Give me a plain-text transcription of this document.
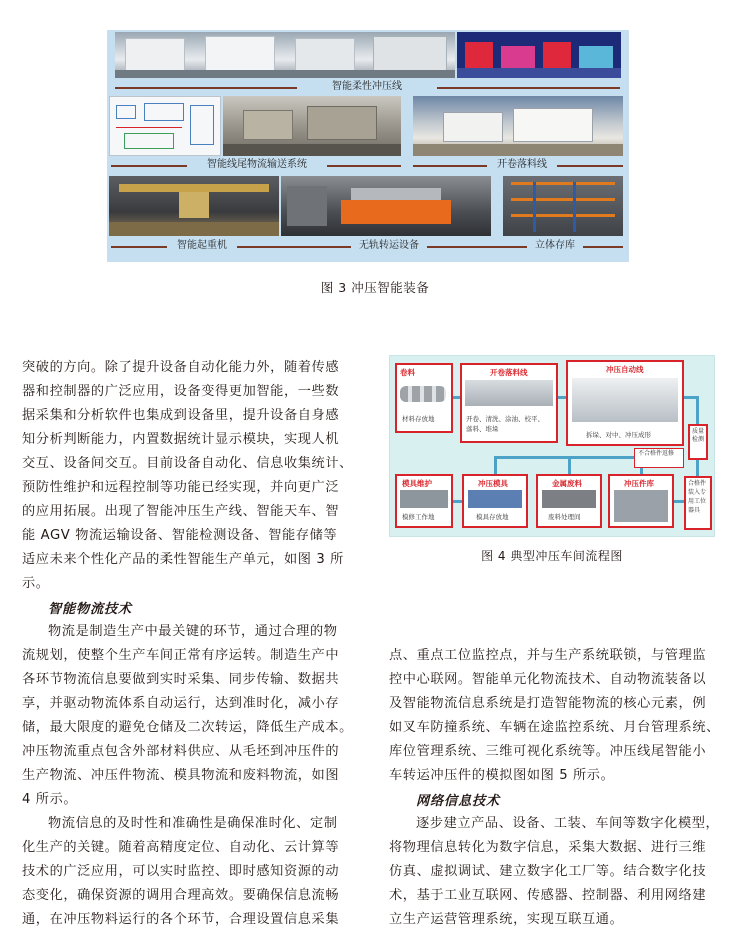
智能柔性冲压线
智能线尾物流输送系统	开卷落料线
智能起重机	无轨转运设备	立体存库
图 3 冲压智能装备
卷料
材料存放地
开卷落料线
开卷、清洗、涂油、校平、
落料、堆垛
冲压自动线
拆垛、对中、冲压成形	质量检测
不合格件返修
合格件装入专用工位器具
模具维护
模修工作地
冲压模具
模具存放地
金属废料
废料处理间
冲压件库
图 4 典型冲压车间流程图
突破的方向。除了提升设备自动化能力外，随着传感
器和控制器的广泛应用，设备变得更加智能，一些数
据采集和分析软件也集成到设备里，提升设备自身感
知分析判断能力，内置数据统计显示模块，实现人机
交互、设备间交互。目前设备自动化、信息收集统计、
预防性维护和远程控制等功能已经实现，并向更广泛
的应用拓展。出现了智能冲压生产线、智能天车、智
能 AGV 物流运输设备、智能检测设备、智能存储等
适应未来个性化产品的柔性智能生产单元，如图 3 所
示。
智能物流技术
物流是制造生产中最关键的环节，通过合理的物
流规划，使整个生产车间正常有序运转。制造生产中
各环节物流信息要做到实时采集、同步传输、数据共
享，并驱动物流体系自动运行，达到准时化，减小存
储，最大限度的避免仓储及二次转运，降低生产成本。
冲压物流重点包含外部材料供应、从毛坯到冲压件的
生产物流、冲压件物流、模具物流和废料物流，如图
4 所示。
物流信息的及时性和准确性是确保准时化、定制
化生产的关键。随着高精度定位、自动化、云计算等
技术的广泛应用，可以实时监控、即时感知资源的动
态变化，确保资源的调用合理高效。要确保信息流畅
通，在冲压物料运行的各个环节，合理设置信息采集
点、重点工位监控点，并与生产系统联锁，与管理监
控中心联网。智能单元化物流技术、自动物流装备以
及智能物流信息系统是打造智能物流的核心元素，例
如叉车防撞系统、车辆在途监控系统、月台管理系统、
库位管理系统、三维可视化系统等。冲压线尾智能小
车转运冲压件的模拟图如图 5 所示。
网络信息技术
逐步建立产品、设备、工装、车间等数字化模型，
将物理信息转化为数字信息，采集大数据、进行三维
仿真、虚拟调试、建立数字化工厂等。结合数字化技
术，基于工业互联网、传感器、控制器、利用网络建
立生产运营管理系统，实现互联互通。
